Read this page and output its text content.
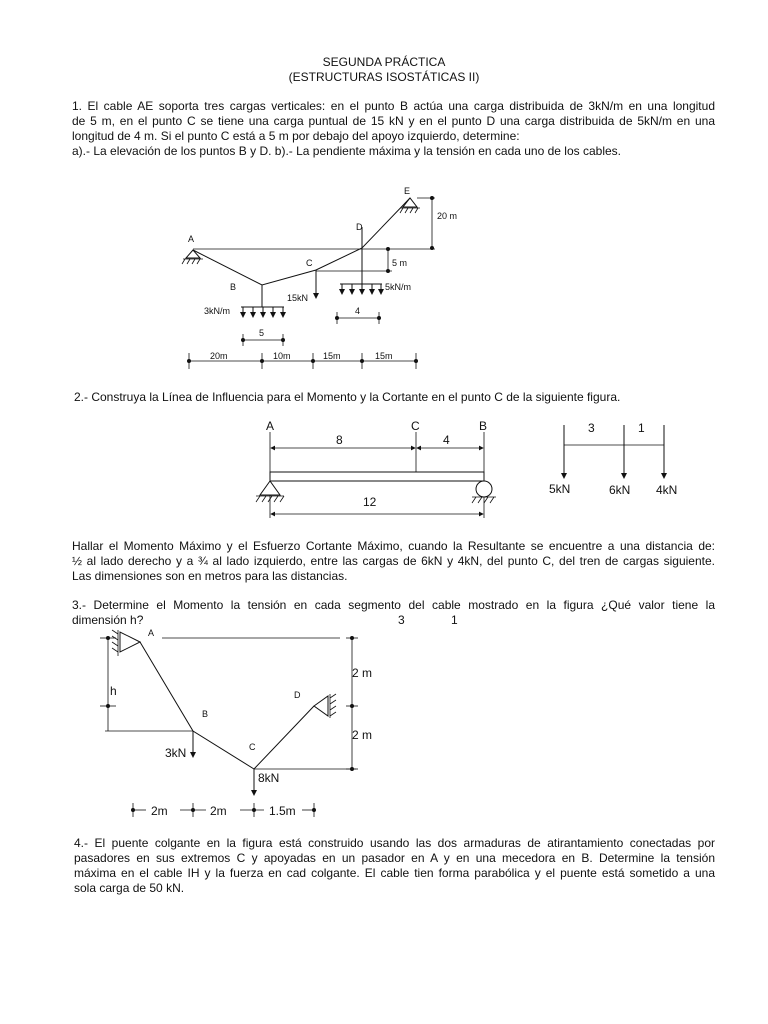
SEGUNDA PRÁCTICA
(ESTRUCTURAS ISOSTÁTICAS II)
1. El cable AE soporta tres cargas verticales: en el punto B actúa una carga distribuida de 3kN/m en una longitud
de 5 m, en el punto C se tiene una carga puntual de 15 kN y en el punto D una carga distribuida de 5kN/m en una
longitud de 4 m. Si el punto C está a 5 m por debajo del apoyo izquierdo, determine:
a).- La elevación de los puntos B y D. b).- La pendiente máxima y la tensión en cada uno de los cables.
2.- Construya la Línea de Influencia para el Momento y la Cortante en el punto C de la siguiente figura.
Hallar el Momento Máximo y el Esfuerzo Cortante Máximo, cuando la Resultante se encuentre a una distancia de:
½ al lado derecho y a ¾ al lado izquierdo, entre las cargas de 6kN y 4kN, del punto C, del tren de cargas siguiente.
Las dimensiones son en metros para las distancias.
3.- Determine el Momento la tensión en cada segmento del cable mostrado en la figura ¿Qué valor tiene la
dimensión h?
4.- El puente colgante en la figura está construido usando las dos armaduras de atirantamiento conectadas por
pasadores en sus extremos C y apoyadas en un pasador en A y en una mecedora en B. Determine la tensión
máxima en el cable IH y la fuerza en cad colgante. El cable tien forma parabólica y el puente está sometido a una
sola carga de 50 kN.
A
B
C
D
E
20 m
5 m
3kN/m
15kN
5kN/m
5
4
20m	10m	15m	15m
A	C	B
8	4
12
3	1
5kN	6kN 4kN
3	1
A
B
C
D
h
2 m
2 m
3kN
8kN
2m	2m	1.5m
